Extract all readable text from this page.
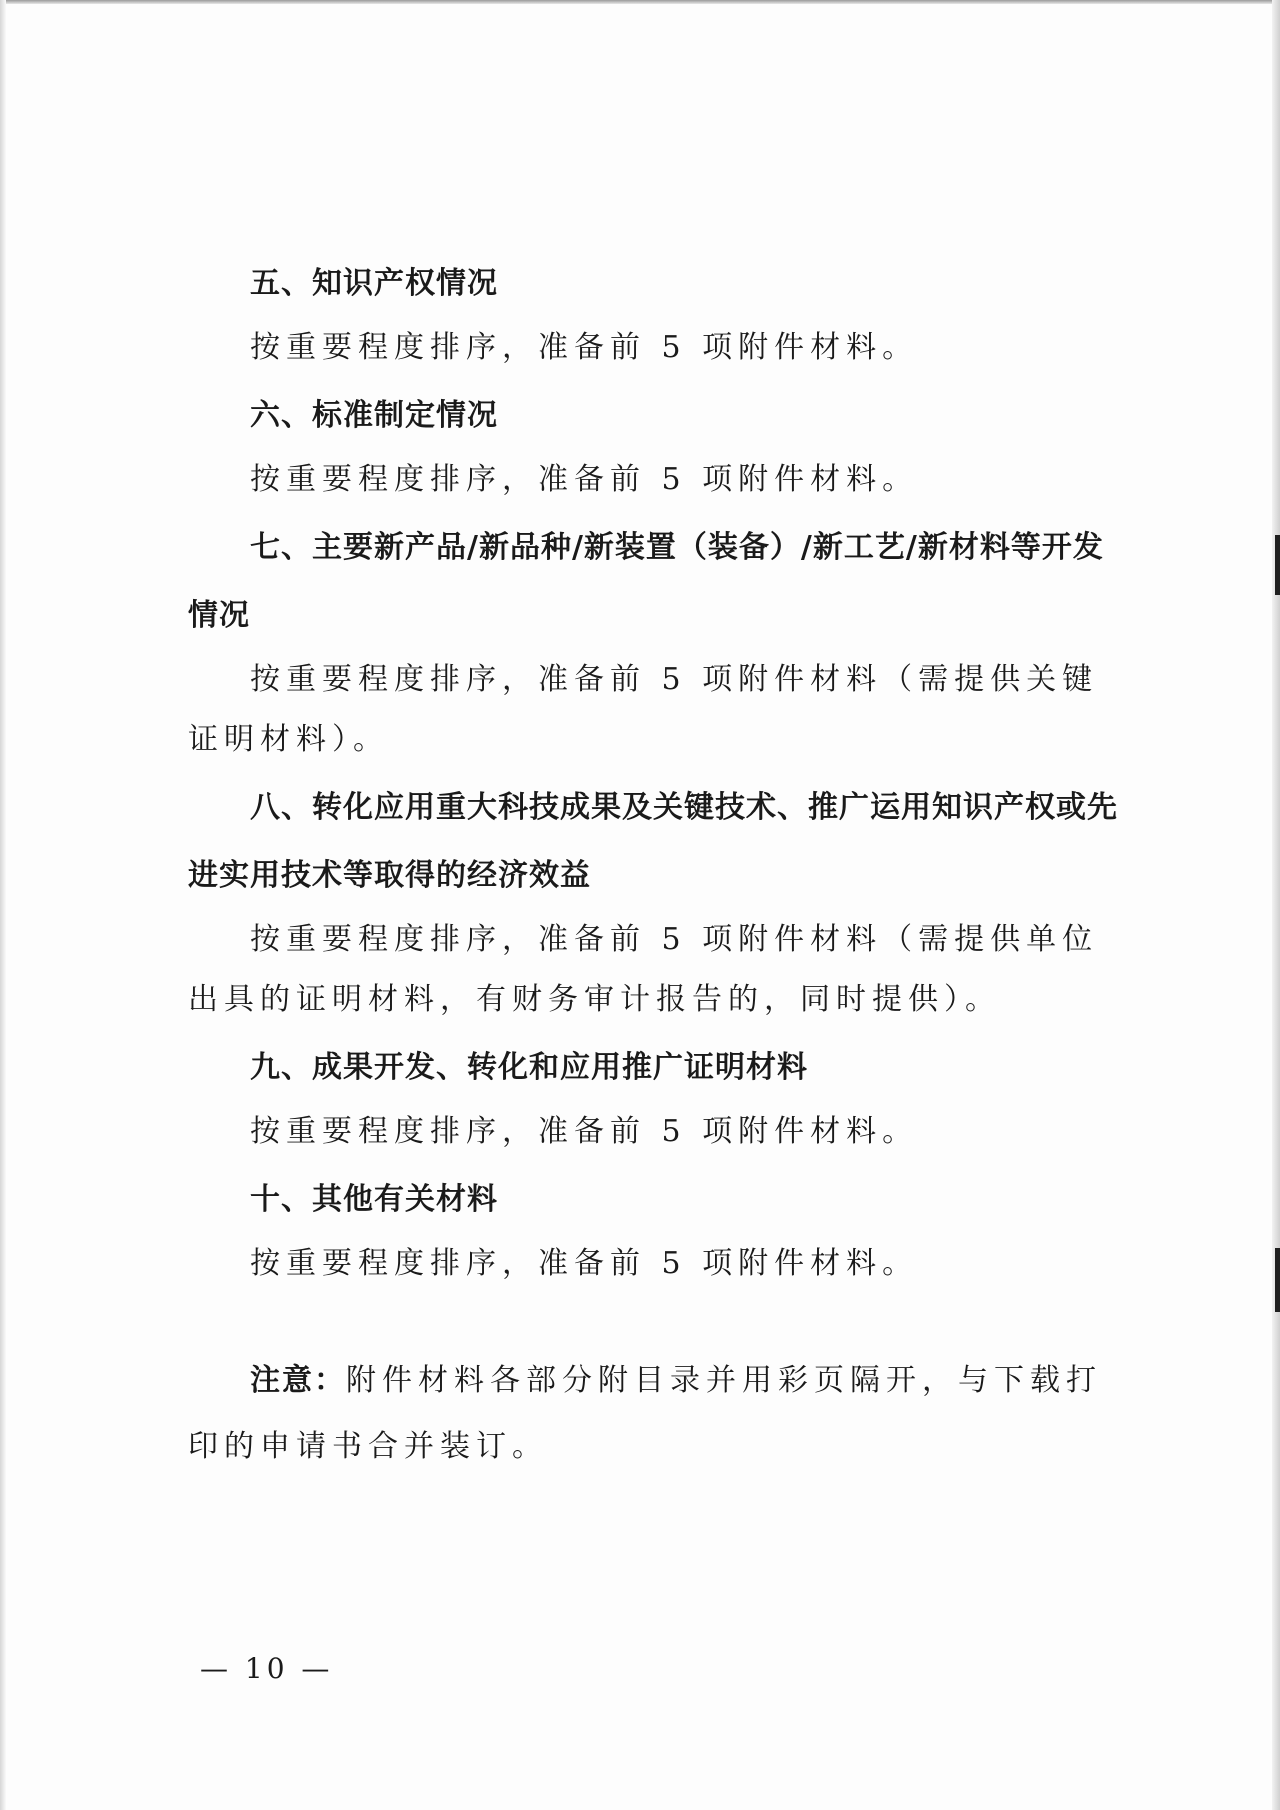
五、知识产权情况

按重要程度排序，准备前 5 项附件材料。

六、标准制定情况

按重要程度排序，准备前 5 项附件材料。

七、主要新产品/新品种/新装置（装备）/新工艺/新材料等开发情况

按重要程度排序，准备前 5 项附件材料（需提供关键证明材料）。

八、转化应用重大科技成果及关键技术、推广运用知识产权或先进实用技术等取得的经济效益

按重要程度排序，准备前 5 项附件材料（需提供单位出具的证明材料，有财务审计报告的，同时提供）。

九、成果开发、转化和应用推广证明材料

按重要程度排序，准备前 5 项附件材料。

十、其他有关材料

按重要程度排序，准备前 5 项附件材料。

注意：附件材料各部分附目录并用彩页隔开，与下载打印的申请书合并装订。

— 10 —
